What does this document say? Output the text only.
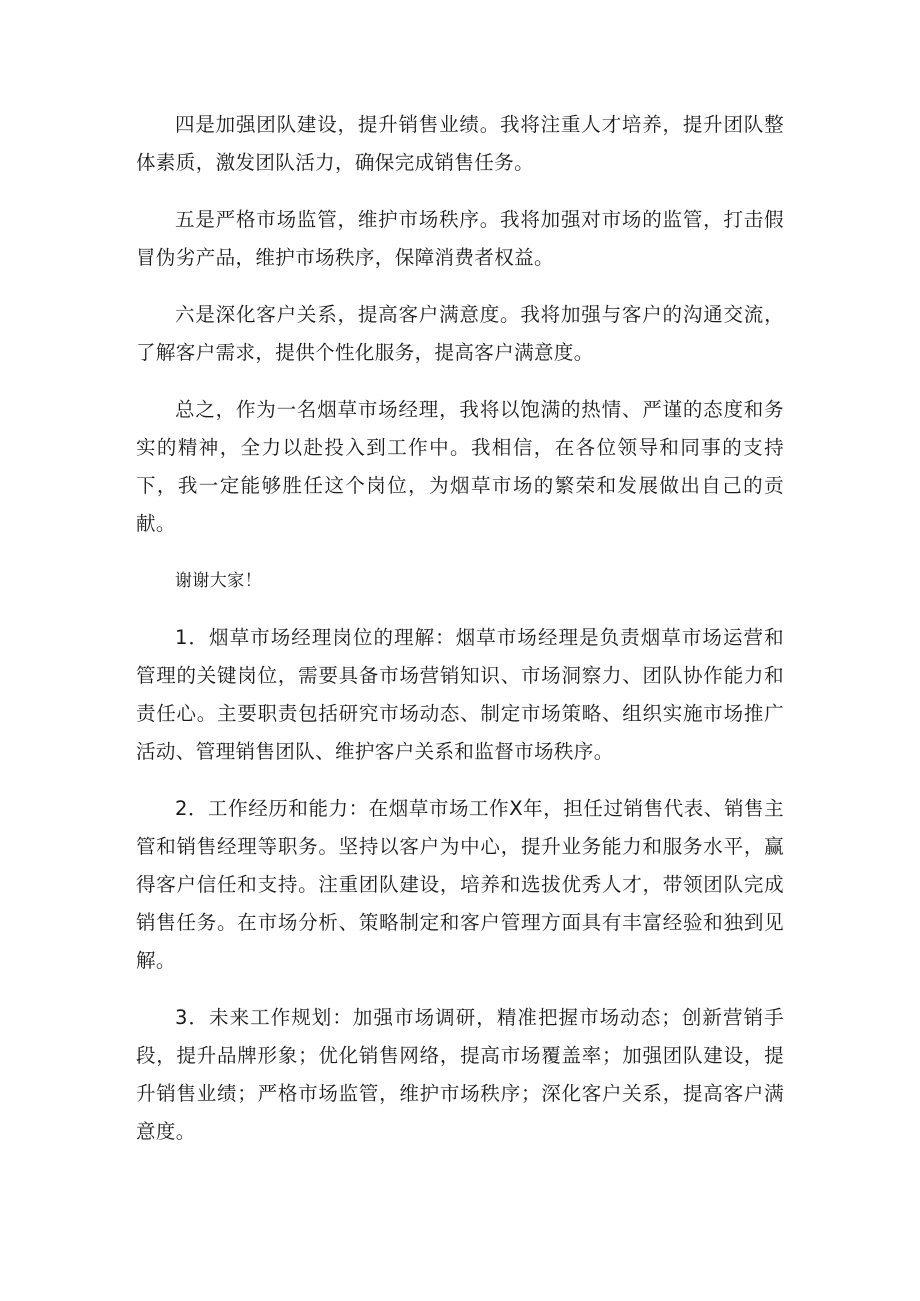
四是加强团队建设，提升销售业绩。我将注重人才培养，提升团队整体素质，激发团队活力，确保完成销售任务。

五是严格市场监管，维护市场秩序。我将加强对市场的监管，打击假冒伪劣产品，维护市场秩序，保障消费者权益。

六是深化客户关系，提高客户满意度。我将加强与客户的沟通交流，了解客户需求，提供个性化服务，提高客户满意度。

总之，作为一名烟草市场经理，我将以饱满的热情、严谨的态度和务实的精神，全力以赴投入到工作中。我相信，在各位领导和同事的支持下，我一定能够胜任这个岗位，为烟草市场的繁荣和发展做出自己的贡献。

谢谢大家！

1．烟草市场经理岗位的理解：烟草市场经理是负责烟草市场运营和管理的关键岗位，需要具备市场营销知识、市场洞察力、团队协作能力和责任心。主要职责包括研究市场动态、制定市场策略、组织实施市场推广活动、管理销售团队、维护客户关系和监督市场秩序。

2．工作经历和能力：在烟草市场工作X年，担任过销售代表、销售主管和销售经理等职务。坚持以客户为中心，提升业务能力和服务水平，赢得客户信任和支持。注重团队建设，培养和选拔优秀人才，带领团队完成销售任务。在市场分析、策略制定和客户管理方面具有丰富经验和独到见解。

3．未来工作规划：加强市场调研，精准把握市场动态；创新营销手段，提升品牌形象；优化销售网络，提高市场覆盖率；加强团队建设，提升销售业绩；严格市场监管，维护市场秩序；深化客户关系，提高客户满意度。
